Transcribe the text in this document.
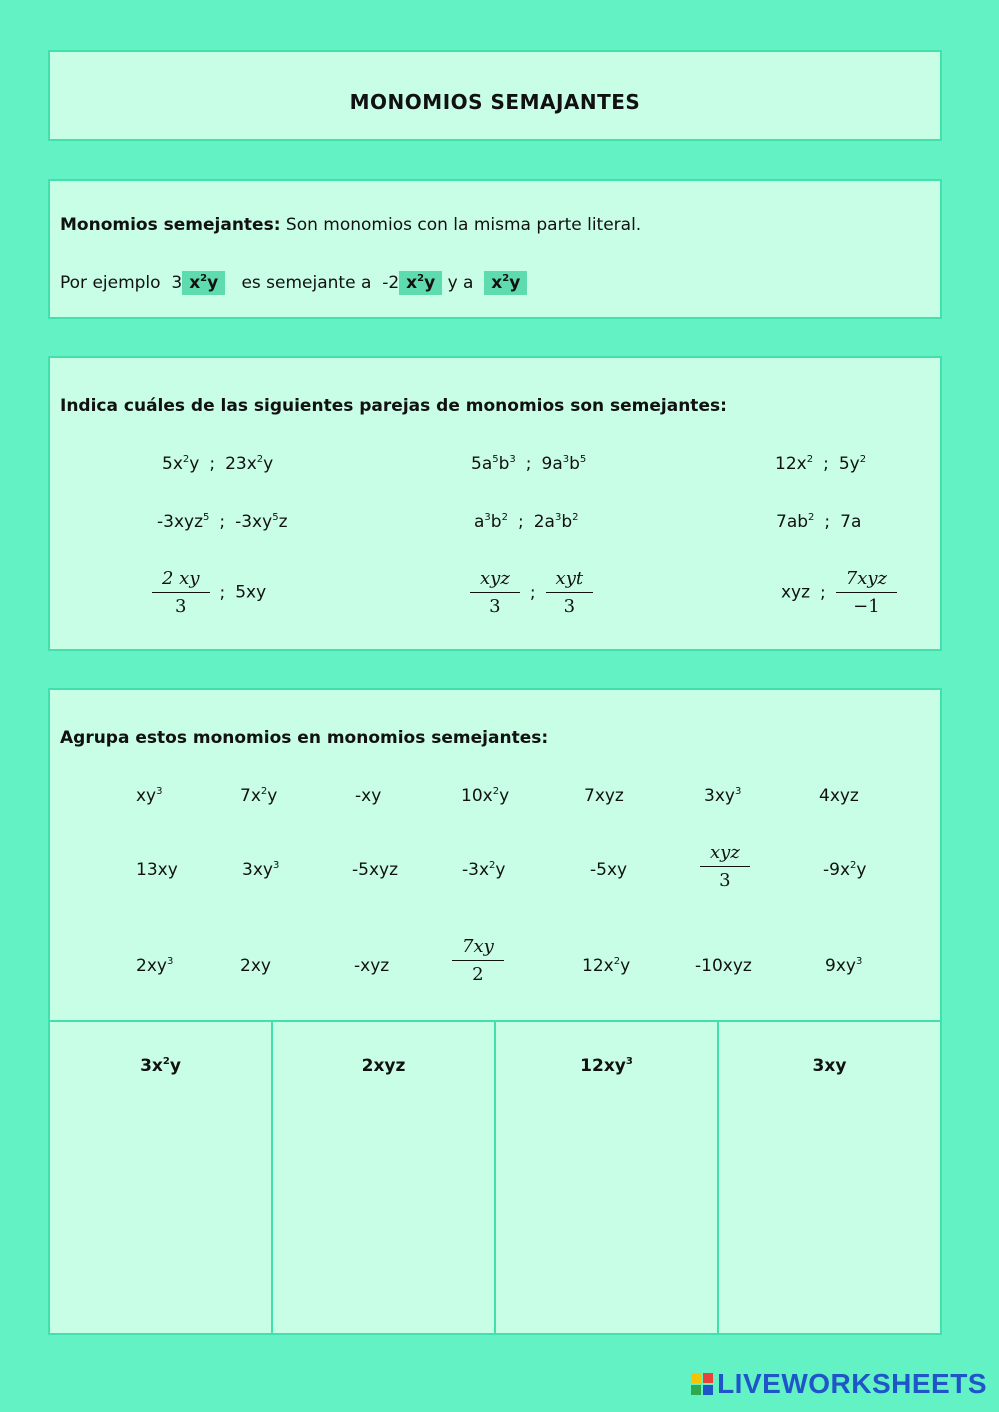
MONOMIOS SEMAJANTES
Monomios semejantes: Son monomios con la misma parte literal.
Por ejemplo 3 $x^2y$ es semejante a -2 $x^2y$ y a $x^2y$
Indica cuáles de las siguientes parejas de monomios son semejantes:
$5x^2y$ ; $23x^2y$	$5a^5b^3$ ; $9a^3b^5$	$12x^2$ ; $5y^2$
-3xyz$^5$ ; $-3xy^5z$	$a^3b^2$ ; $2a^3b^2$	$7ab^2$ ; 7a
$\frac{2 xy}{3}$ ; 5xy	$\frac{\text{xyz}}{3}$ ; $\frac{\text{xyt}}{3}$	xyz ; $\frac{\text{7xyz}}{-1}$
Agrupa estos monomios en monomios semejantes:
$xy^3$	$7x^2y$	-xy	$10x^2y$	7xyz	$3xy^3$	4xyz
13xy	$3xy^3$	-5xyz	$-3x^2y$	-5xy	$\frac{\text{xyz}}{3}$	$-9x^2y$
$2xy^3$	2xy	-xyz	$\frac{7xy}{2}$	$12x^2y$	-10xyz	$9xy^3$
$3x^2y$	2xyz	$12xy^3$	3xy
LIVEWORKSHEETS
